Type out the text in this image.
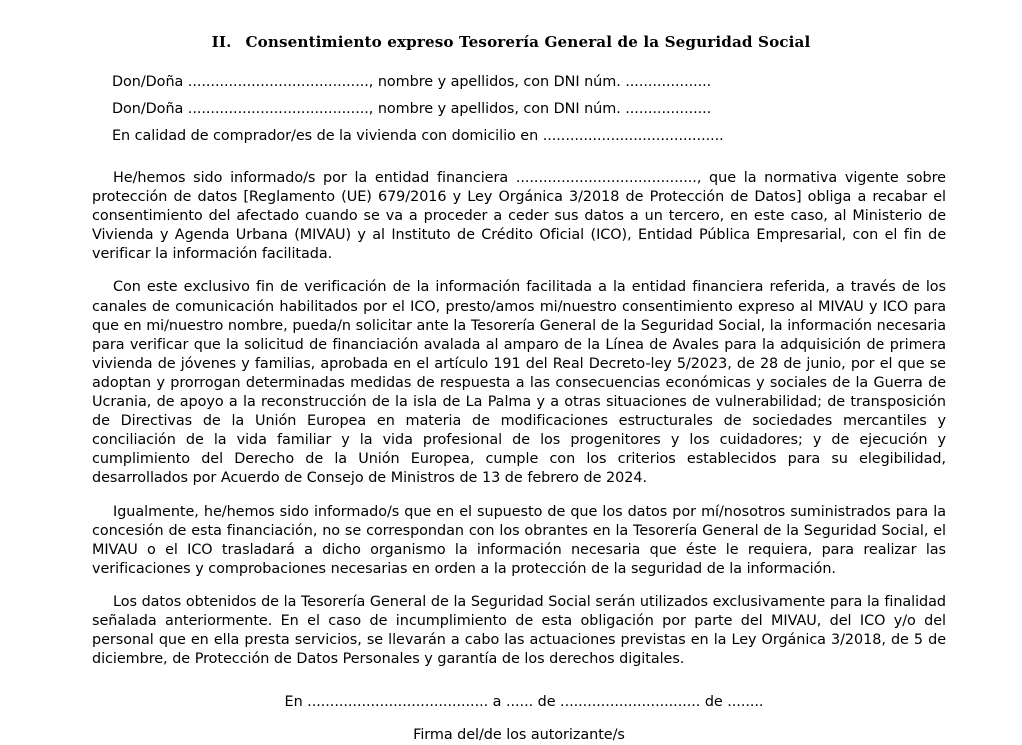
II. Consentimiento expreso Tesorería General de la Seguridad Social

Don/Doña ........................................, nombre y apellidos, con DNI núm. ...................

Don/Doña ........................................, nombre y apellidos, con DNI núm. ...................

En calidad de comprador/es de la vivienda con domicilio en ........................................

He/hemos sido informado/s por la entidad financiera ........................................, que la normativa vigente sobre protección de datos [Reglamento (UE) 679/2016 y Ley Orgánica 3/2018 de Protección de Datos] obliga a recabar el consentimiento del afectado cuando se va a proceder a ceder sus datos a un tercero, en este caso, al Ministerio de Vivienda y Agenda Urbana (MIVAU) y al Instituto de Crédito Oficial (ICO), Entidad Pública Empresarial, con el fin de verificar la información facilitada.

Con este exclusivo fin de verificación de la información facilitada a la entidad financiera referida, a través de los canales de comunicación habilitados por el ICO, presto/amos mi/nuestro consentimiento expreso al MIVAU y ICO para que en mi/nuestro nombre, pueda/n solicitar ante la Tesorería General de la Seguridad Social, la información necesaria para verificar que la solicitud de financiación avalada al amparo de la Línea de Avales para la adquisición de primera vivienda de jóvenes y familias, aprobada en el artículo 191 del Real Decreto-ley 5/2023, de 28 de junio, por el que se adoptan y prorrogan determinadas medidas de respuesta a las consecuencias económicas y sociales de la Guerra de Ucrania, de apoyo a la reconstrucción de la isla de La Palma y a otras situaciones de vulnerabilidad; de transposición de Directivas de la Unión Europea en materia de modificaciones estructurales de sociedades mercantiles y conciliación de la vida familiar y la vida profesional de los progenitores y los cuidadores; y de ejecución y cumplimiento del Derecho de la Unión Europea, cumple con los criterios establecidos para su elegibilidad, desarrollados por Acuerdo de Consejo de Ministros de 13 de febrero de 2024.

Igualmente, he/hemos sido informado/s que en el supuesto de que los datos por mí/nosotros suministrados para la concesión de esta financiación, no se correspondan con los obrantes en la Tesorería General de la Seguridad Social, el MIVAU o el ICO trasladará a dicho organismo la información necesaria que éste le requiera, para realizar las verificaciones y comprobaciones necesarias en orden a la protección de la seguridad de la información.

Los datos obtenidos de la Tesorería General de la Seguridad Social serán utilizados exclusivamente para la finalidad señalada anteriormente. En el caso de incumplimiento de esta obligación por parte del MIVAU, del ICO y/o del personal que en ella presta servicios, se llevarán a cabo las actuaciones previstas en la Ley Orgánica 3/2018, de 5 de diciembre, de Protección de Datos Personales y garantía de los derechos digitales.

En ........................................ a ...... de ............................... de ........

Firma del/de los autorizante/s
